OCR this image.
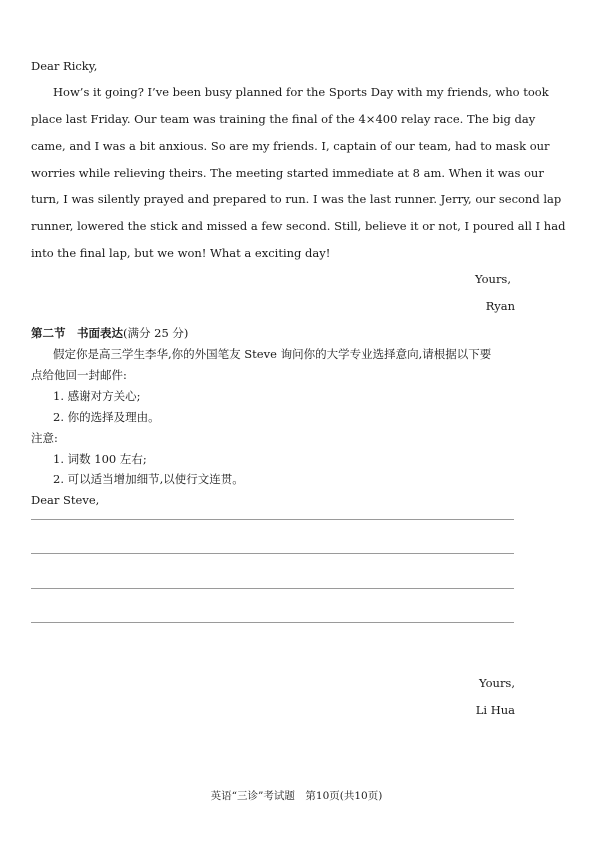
Dear Ricky,
How’s it going? I’ve been busy planned for the Sports Day with my friends, who took
place last Friday. Our team was training the final of the 4×400 relay race. The big day
came, and I was a bit anxious. So are my friends. I, captain of our team, had to mask our
worries while relieving theirs. The meeting started immediate at 8 am. When it was our
turn, I was silently prayed and prepared to run. I was the last runner. Jerry, our second lap
runner, lowered the stick and missed a few second. Still, believe it or not, I poured all I had
into the final lap, but we won! What a exciting day!
Yours,
Ryan
第二节　书面表达(满分 25 分)
假定你是高三学生李华,你的外国笔友 Steve 询问你的大学专业选择意向,请根据以下要
点给他回一封邮件:
1. 感谢对方关心;
2. 你的选择及理由。
注意:
1. 词数 100 左右;
2. 可以适当增加细节,以使行文连贯。
Dear Steve,
Yours,
Li Hua
英语“三诊”考试题　第10页(共10页)
